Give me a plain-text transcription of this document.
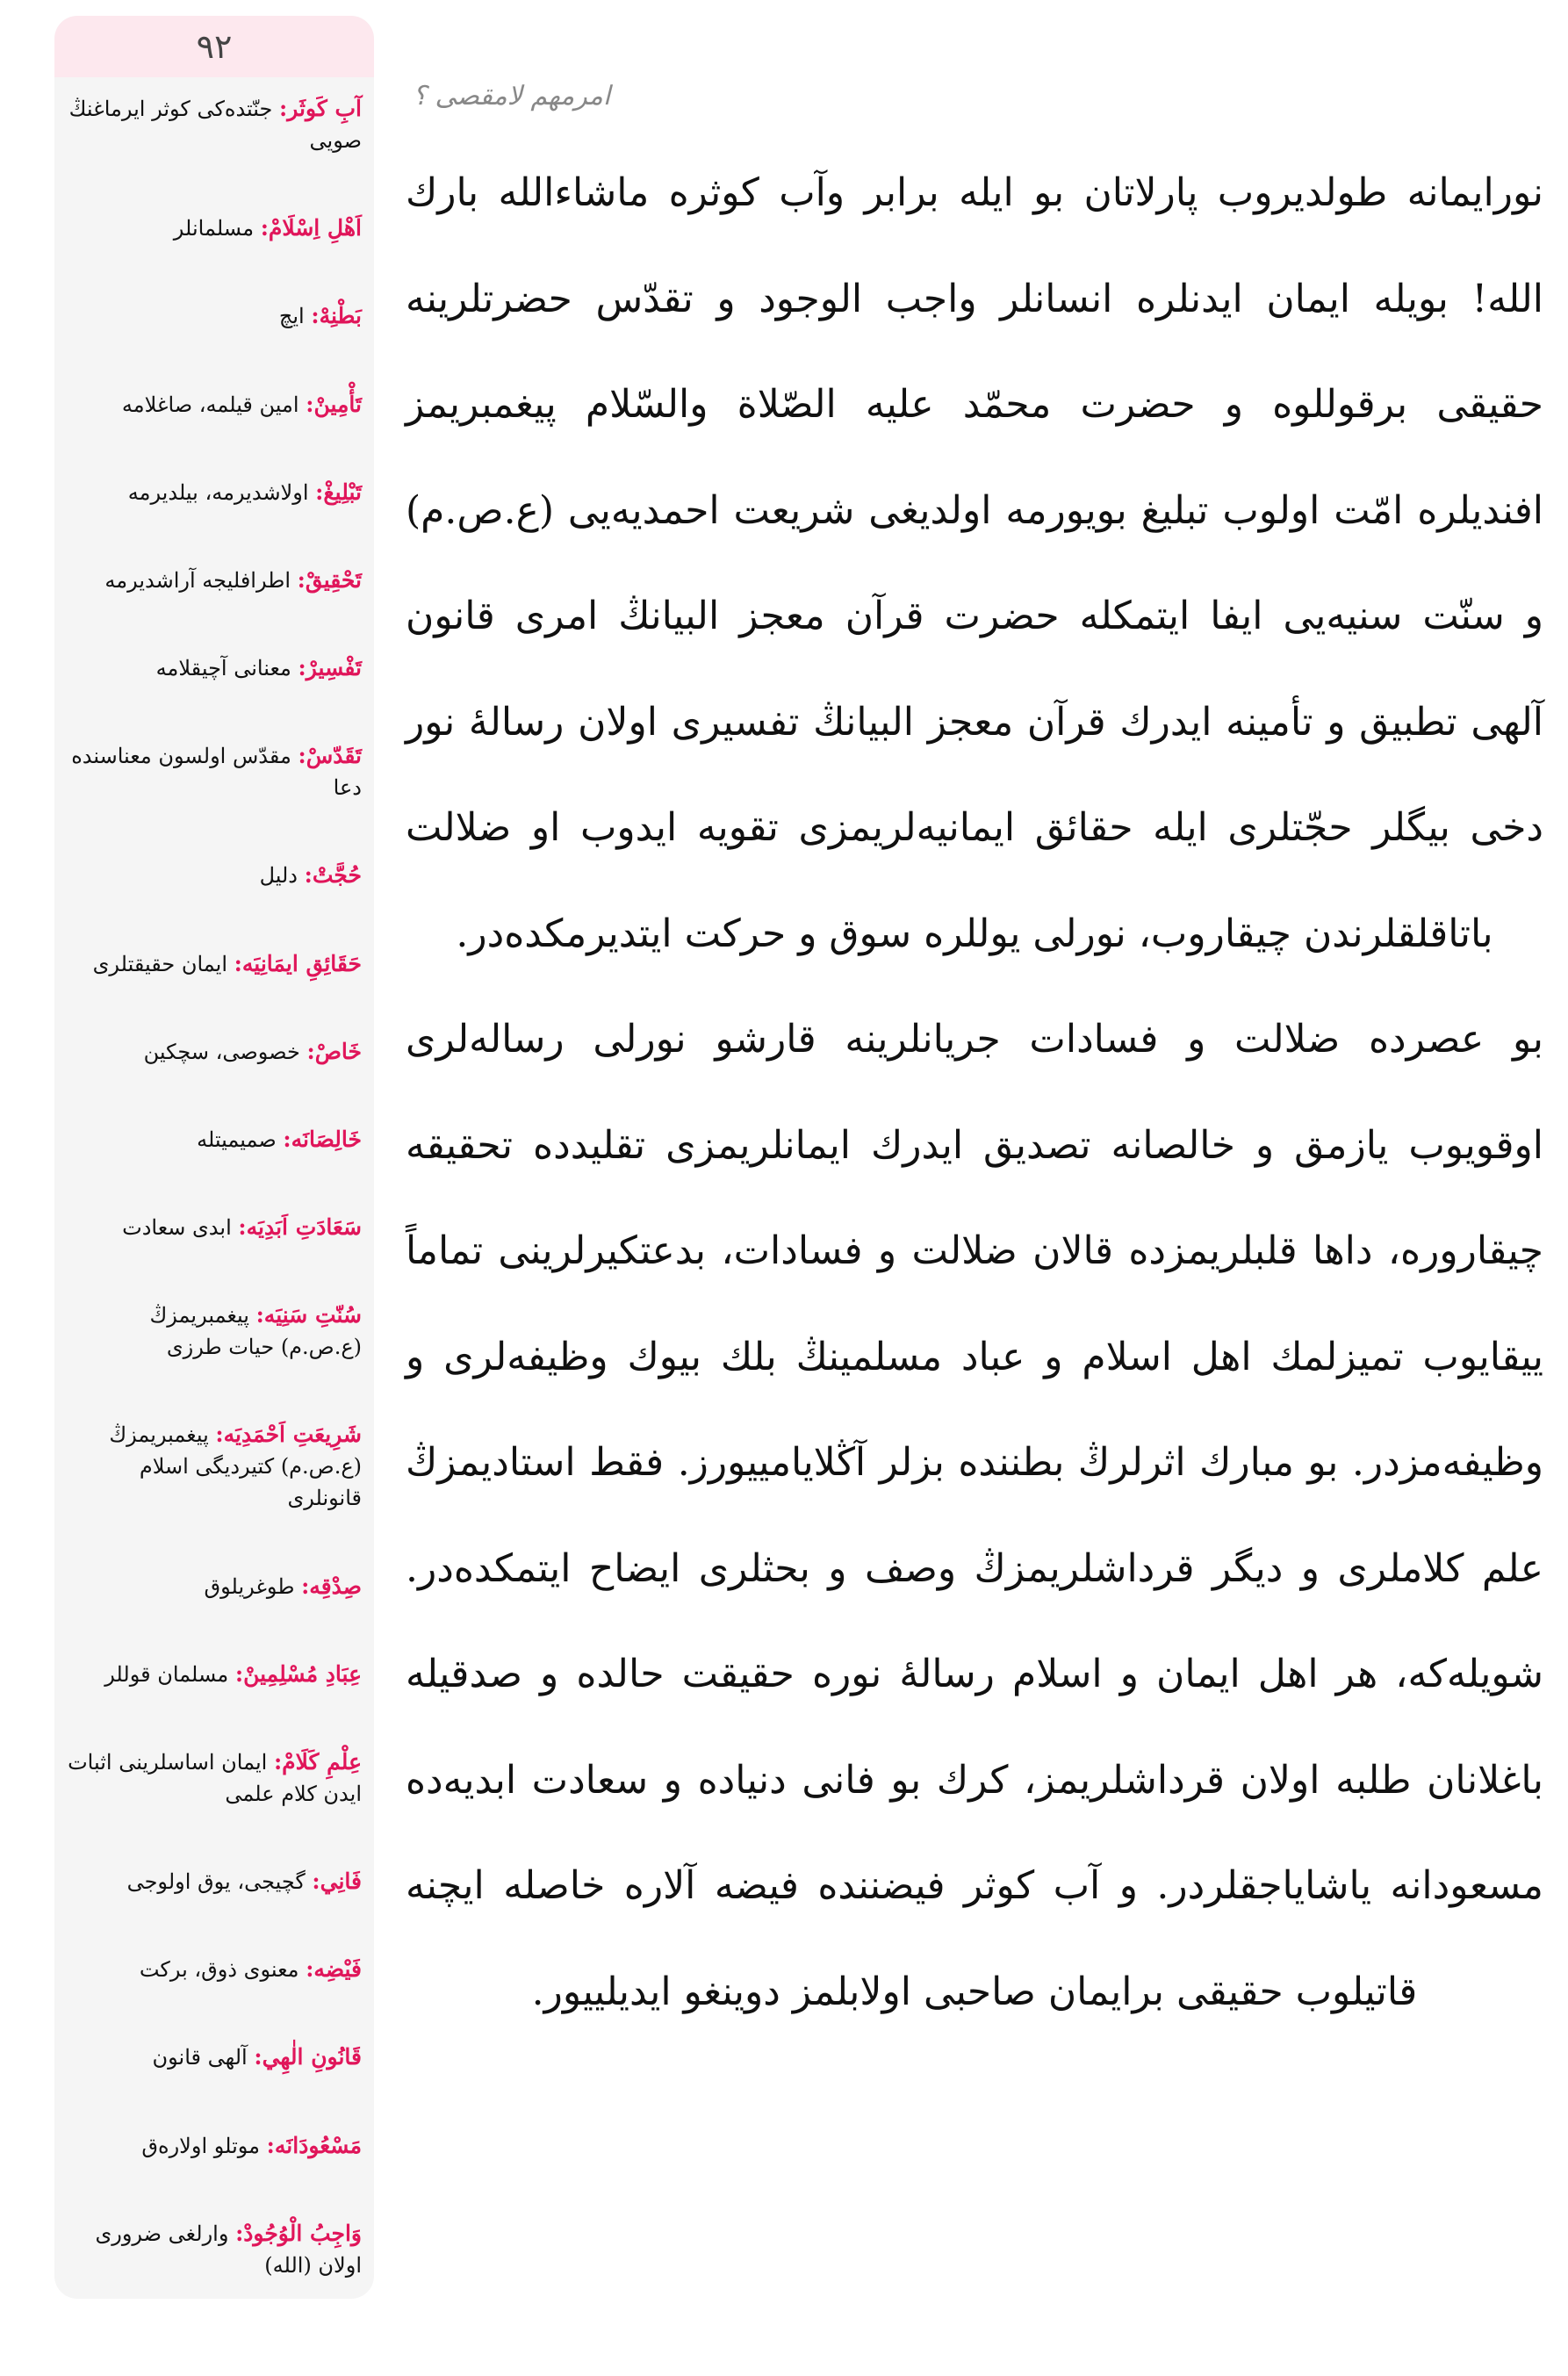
٩٢
آبِ کَوثَر: جنّتده‌کی کوثر ایرماغنڭ صویی
اَهْلِ اِسْلَامْ: مسلمانلر
بَطْنِهْ: ایچ
تَأْمِينْ: امین قیلمه، صاغلامه
تَبْلِيغْ: اولاشدیرمه، بیلدیرمه
تَحْقِيقْ: اطرافلیجه آراشدیرمه
تَفْسِيرْ: معنانی آچیقلامه
تَقَدّسْ: مقدّس اولسون معناسنده دعا
حُجَّتْ: دلیل
حَقَائِقِ ايمَانِيَه: ایمان حقیقتلری
خَاصْ: خصوصی، سچکین
خَالِصَانَه: صمیمیتله
سَعَادَتِ اَبَدِيَه: ابدی سعادت
سُنّتِ سَنِيَه: پیغمبریمزڭ (ع.ص.م) حیات طرزی
شَرِيعَتِ اَحْمَدِيَه: پیغمبریمزڭ (ع.ص.م) کتیردیگی اسلام قانونلری
صِدْقِه: طوغریلوق
عِبَادِ مُسْلِمِينْ: مسلمان قوللر
عِلْمِ كَلَامْ: ایمان اساسلرینی اثبات ایدن کلام علمی
فَانِي: گچیجی، یوق اولوجی
فَيْضِه: معنوی ذوق، برکت
قَانُونِ الٰهِي: آلهی قانون
مَسْعُودَانَه: موتلو اولاره‌ق
وَاجِبُ الْوُجُودْ: وارلغی ضروری اولان (الله)
امرمهم لامقصی ؟

نورایمانه‌ طولدیروب پارلاتان بو ایله برابر وآب کوثره ماشاءالله بارك الله! بویله ایمان ایدنلره انسانلر واجب الوجود و تقدّس حضرتلرینه حقیقی برقوللوه و حضرت محمّد علیه الصّلاة والسّلام پیغمبریمز افندیلره امّت اولوب تبلیغ بویورمه اولدیغی شریعت احمدیه‌یی (ع.ص.م) و سنّت سنیه‌یی ایفا ایتمکله حضرت قرآن معجز البیانڭ امری قانون آلهی تطبیق و تأمینه ایدرك قرآن معجز البیانڭ تفسیری اولان رسالهٔ نور دخی بیگلر حجّتلری ایله حقائق ایمانیه‌لریمزی تقویه ایدوب او ضلالت باتاقلقلرندن چیقاروب، نورلی یوللره سوق و حرکت ایتدیرمکده‌در.

بو عصرده ضلالت و فسادات جریانلرینه قارشو نورلی رساله‌لری اوقویوب یازمق و خالصانه تصدیق ایدرك ایمانلریمزی تقلیدده تحقیقه چیقاروره، داها قلبلریمزده قالان ضلالت و فسادات، بدعتکیرلرینی تماماً ییقایوب تمیزلمك اهل اسلام و عباد مسلمینڭ بلك بیوك وظیفه‌لری و وظیفه‌مزدر. بو مبارك اثرلرڭ بطننده بزلر آڭلایامییورز. فقط استادیمزڭ علم کلاملری و دیگر قرداشلریمزڭ وصف و بحثلری ایضاح ایتمکده‌در. شویله‌که، هر اهل ایمان و اسلام رسالهٔ نوره حقیقت حالده و صدقیله باغلانان طلبه اولان قرداشلریمز، کرك بو فانی دنیاده و سعادت ابدیه‌ده مسعودانه یاشایاجقلردر. و آب کوثر فیضننده فیضه آلاره خاصله ایچنه قاتیلوب حقیقی برایمان صاحبی اولابلمز دوینغو ایدیلییور.
